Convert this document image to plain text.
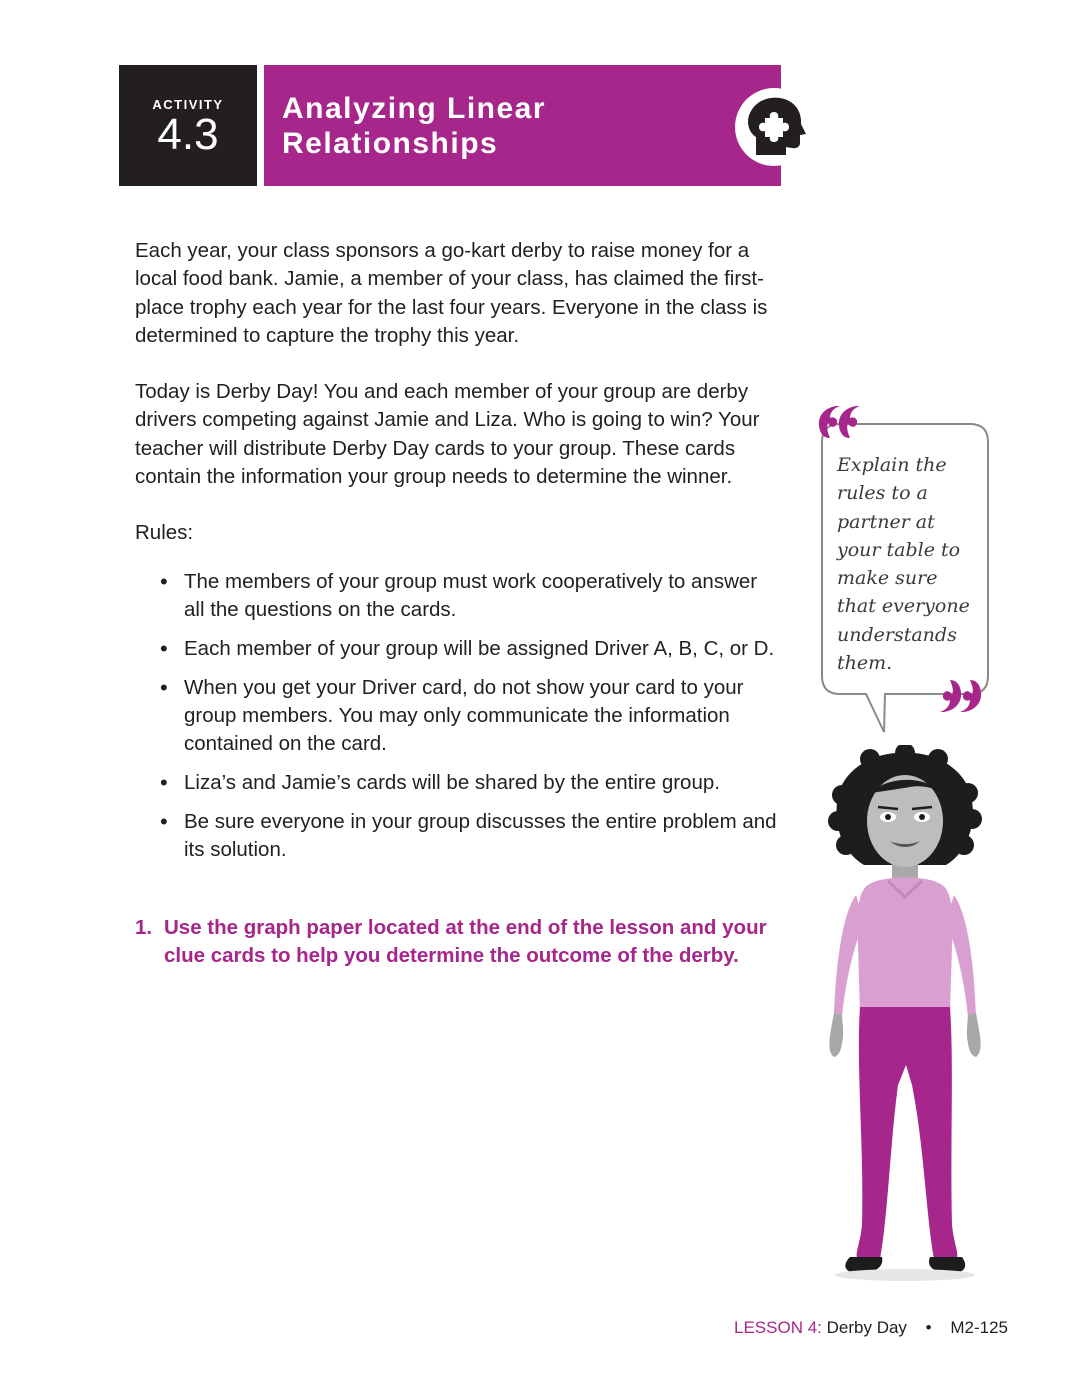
ACTIVITY
4.3
Analyzing Linear
Relationships

Each year, your class sponsors a go-kart derby to raise money for a local food bank. Jamie, a member of your class, has claimed the first-place trophy each year for the last four years. Everyone in the class is determined to capture the trophy this year.

Today is Derby Day! You and each member of your group are derby drivers competing against Jamie and Liza. Who is going to win? Your teacher will distribute Derby Day cards to your group. These cards contain the information your group needs to determine the winner.

Rules:

• The members of your group must work cooperatively to answer all the questions on the cards.
• Each member of your group will be assigned Driver A, B, C, or D.
• When you get your Driver card, do not show your card to your group members. You may only communicate the information contained on the card.
• Liza’s and Jamie’s cards will be shared by the entire group.
• Be sure everyone in your group discusses the entire problem and its solution.
1. Use the graph paper located at the end of the lesson and your clue cards to help you determine the outcome of the derby.
Explain the
rules to a
partner at
your table to
make sure
that everyone
understands
them.
LESSON 4: Derby Day • M2-125
